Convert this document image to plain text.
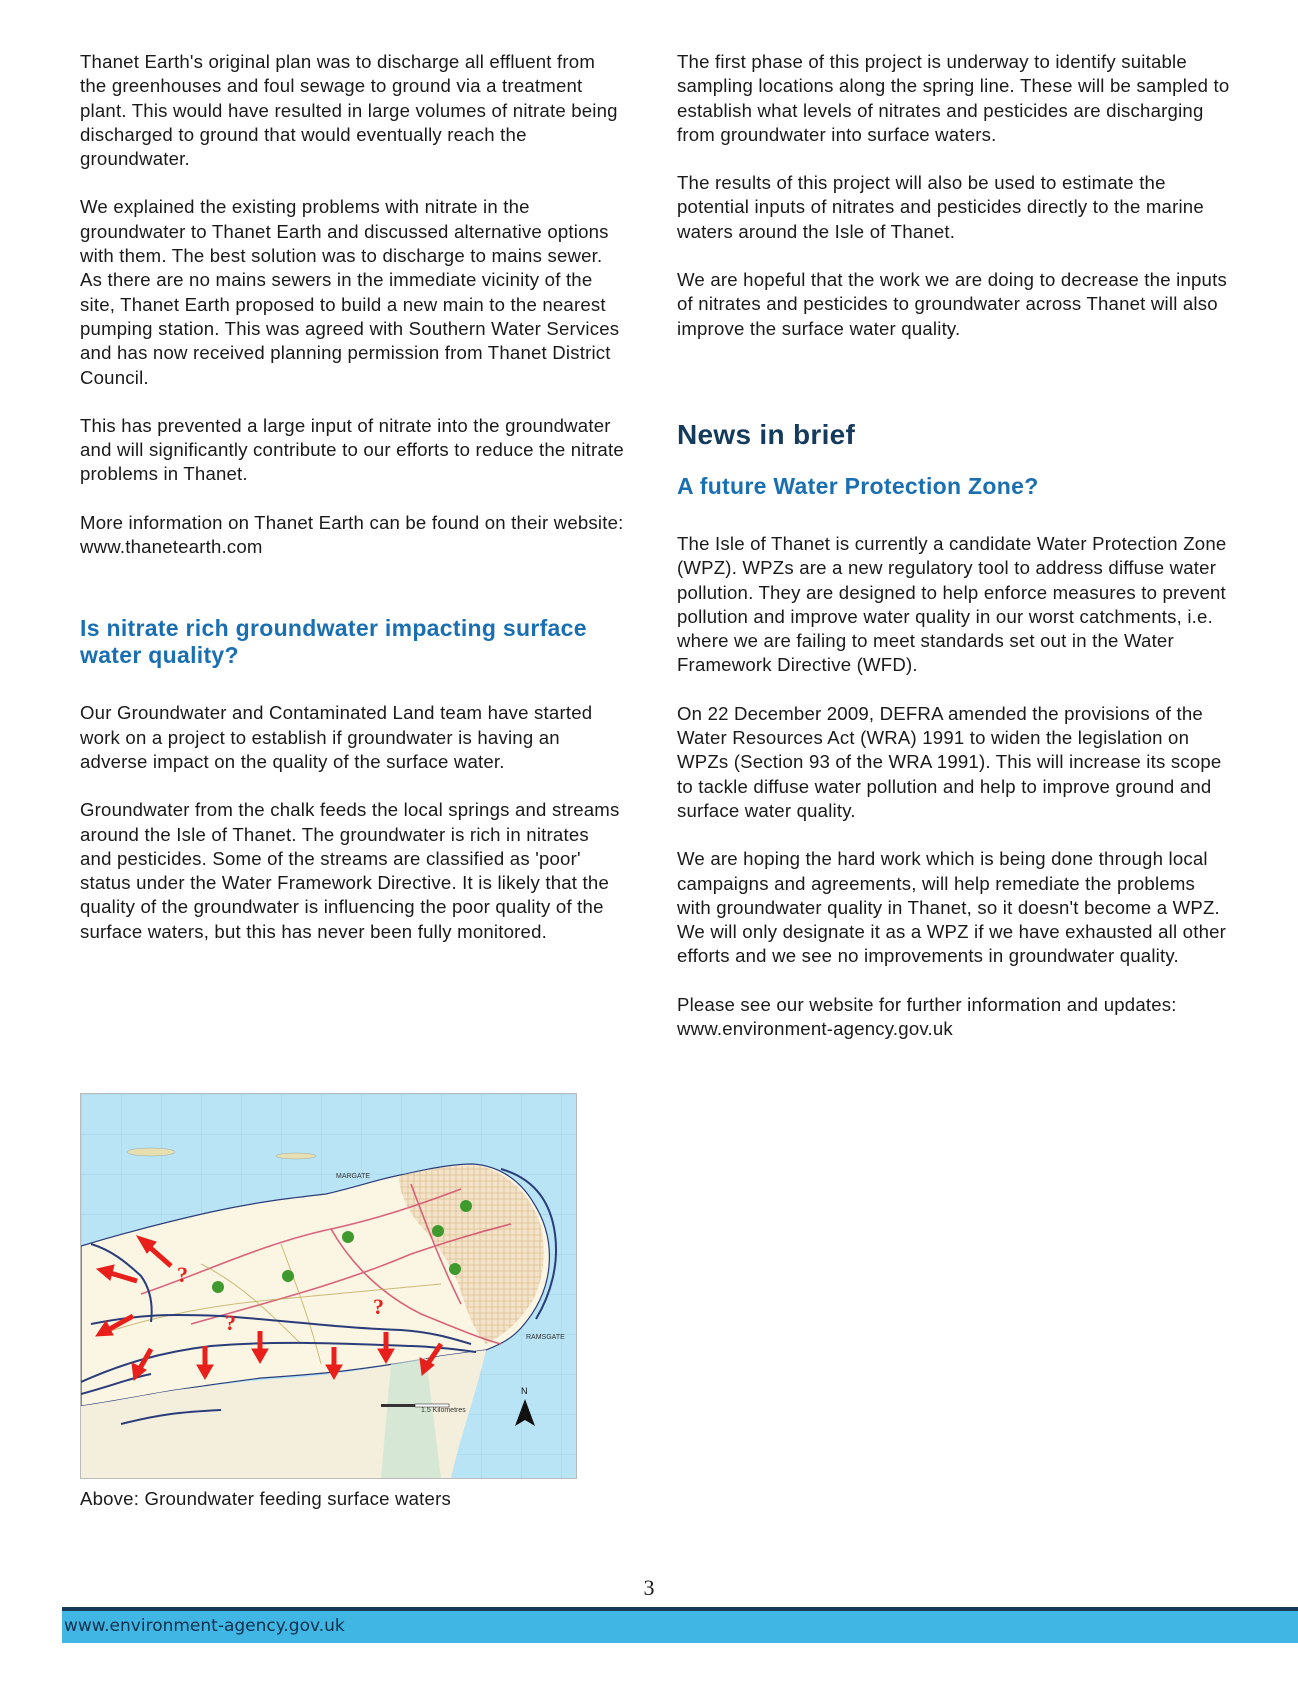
Thanet Earth's original plan was to discharge all effluent from the greenhouses and foul sewage to ground via a treatment plant. This would have resulted in large volumes of nitrate being discharged to ground that would eventually reach the groundwater.

We explained the existing problems with nitrate in the groundwater to Thanet Earth and discussed alternative options with them. The best solution was to discharge to mains sewer. As there are no mains sewers in the immediate vicinity of the site, Thanet Earth proposed to build a new main to the nearest pumping station. This was agreed with Southern Water Services and has now received planning permission from Thanet District Council.

This has prevented a large input of nitrate into the groundwater and will significantly contribute to our efforts to reduce the nitrate problems in Thanet.

More information on Thanet Earth can be found on their website: www.thanetearth.com

Is nitrate rich groundwater impacting surface water quality?

Our Groundwater and Contaminated Land team have started work on a project to establish if groundwater is having an adverse impact on the quality of the surface water.

Groundwater from the chalk feeds the local springs and streams around the Isle of Thanet. The groundwater is rich in nitrates and pesticides. Some of the streams are classified as 'poor' status under the Water Framework Directive. It is likely that the quality of the groundwater is influencing the poor quality of the surface waters, but this has never been fully monitored.

MARGATE
RAMSGATE
1.5 Kilometres
N
?
?
?
Above: Groundwater feeding surface waters

The first phase of this project is underway to identify suitable sampling locations along the spring line. These will be sampled to establish what levels of nitrates and pesticides are discharging from groundwater into surface waters.

The results of this project will also be used to estimate the potential inputs of nitrates and pesticides directly to the marine waters around the Isle of Thanet.

We are hopeful that the work we are doing to decrease the inputs of nitrates and pesticides to groundwater across Thanet will also improve the surface water quality.

News in brief
A future Water Protection Zone?

The Isle of Thanet is currently a candidate Water Protection Zone (WPZ). WPZs are a new regulatory tool to address diffuse water pollution. They are designed to help enforce measures to prevent pollution and improve water quality in our worst catchments, i.e. where we are failing to meet standards set out in the Water Framework Directive (WFD).

On 22 December 2009, DEFRA amended the provisions of the Water Resources Act (WRA) 1991 to widen the legislation on WPZs (Section 93 of the WRA 1991). This will increase its scope to tackle diffuse water pollution and help to improve ground and surface water quality.

We are hoping the hard work which is being done through local campaigns and agreements, will help remediate the problems with groundwater quality in Thanet, so it doesn't become a WPZ. We will only designate it as a WPZ if we have exhausted all other efforts and we see no improvements in groundwater quality.

Please see our website for further information and updates: www.environment-agency.gov.uk

3
www.environment-agency.gov.uk
